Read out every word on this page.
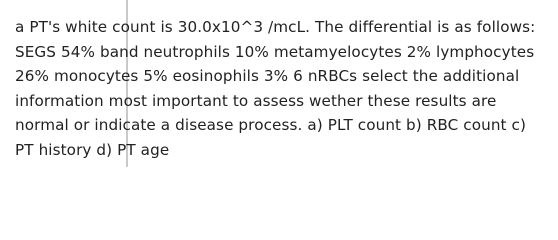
a PT's white count is 30.0x10^3 /mcL. The differential is as follows: SEGS 54% band neutrophils 10% metamyelocytes 2% lymphocytes 26% monocytes 5% eosinophils 3% 6 nRBCs select the additional information most important to assess wether these results are normal or indicate a disease process. a) PLT count b) RBC count c) PT history d) PT age
